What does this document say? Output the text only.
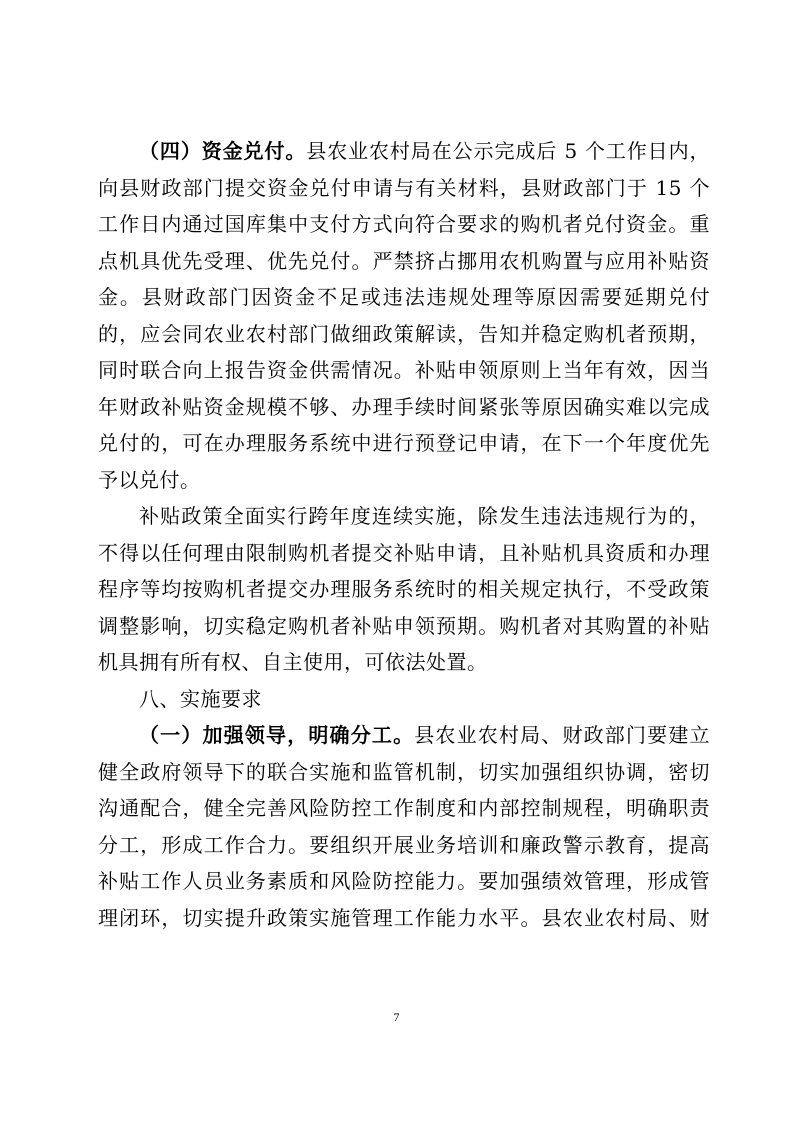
（四）资金兑付。县农业农村局在公示完成后 5 个工作日内，
向县财政部门提交资金兑付申请与有关材料，县财政部门于 15 个
工作日内通过国库集中支付方式向符合要求的购机者兑付资金。重
点机具优先受理、优先兑付。严禁挤占挪用农机购置与应用补贴资
金。县财政部门因资金不足或违法违规处理等原因需要延期兑付
的，应会同农业农村部门做细政策解读，告知并稳定购机者预期，
同时联合向上报告资金供需情况。补贴申领原则上当年有效，因当
年财政补贴资金规模不够、办理手续时间紧张等原因确实难以完成
兑付的，可在办理服务系统中进行预登记申请，在下一个年度优先
予以兑付。
补贴政策全面实行跨年度连续实施，除发生违法违规行为的，
不得以任何理由限制购机者提交补贴申请，且补贴机具资质和办理
程序等均按购机者提交办理服务系统时的相关规定执行，不受政策
调整影响，切实稳定购机者补贴申领预期。购机者对其购置的补贴
机具拥有所有权、自主使用，可依法处置。
八、实施要求
（一）加强领导，明确分工。县农业农村局、财政部门要建立
健全政府领导下的联合实施和监管机制，切实加强组织协调，密切
沟通配合，健全完善风险防控工作制度和内部控制规程，明确职责
分工，形成工作合力。要组织开展业务培训和廉政警示教育，提高
补贴工作人员业务素质和风险防控能力。要加强绩效管理，形成管
理闭环，切实提升政策实施管理工作能力水平。县农业农村局、财
7
